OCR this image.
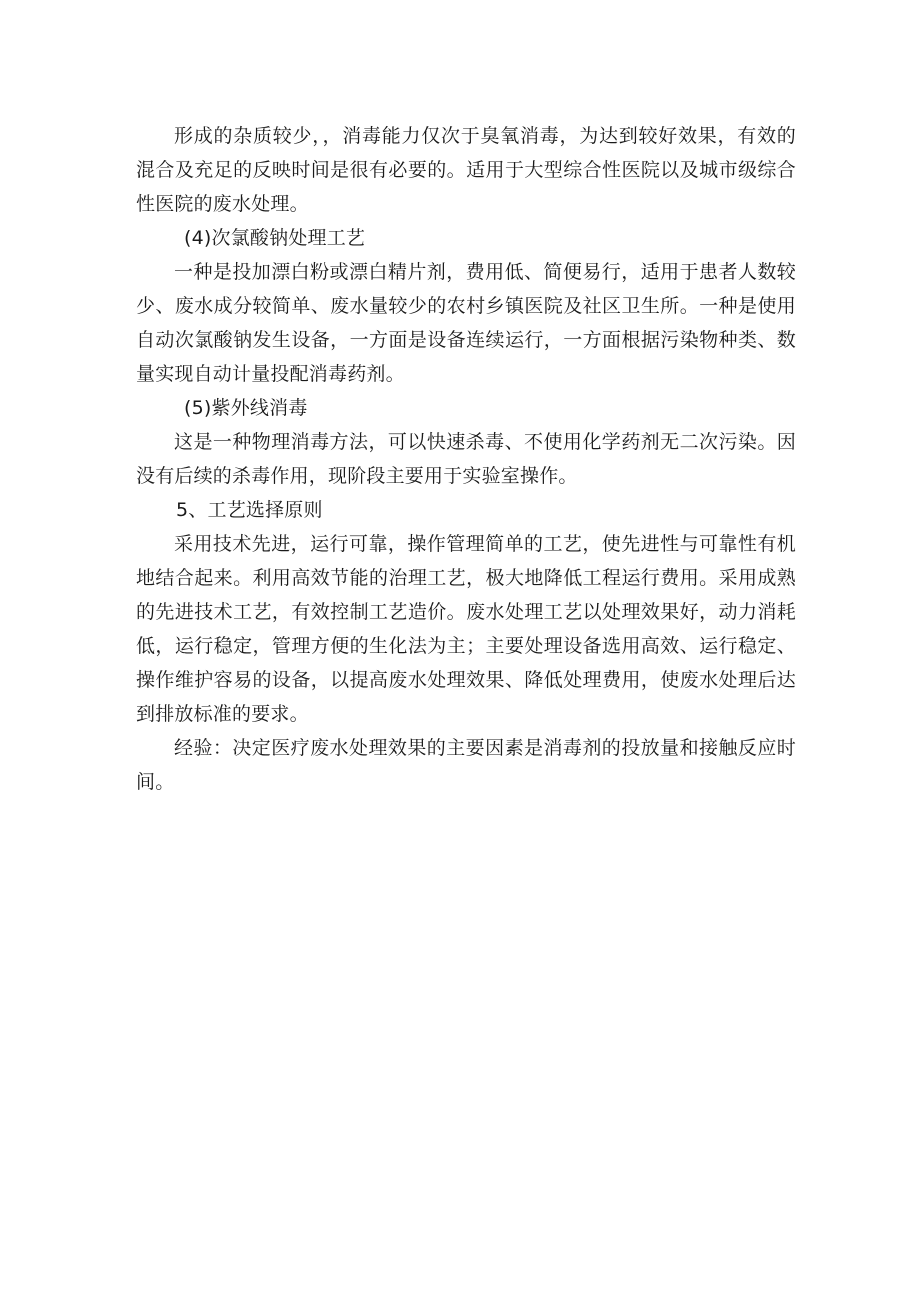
形成的杂质较少，，消毒能力仅次于臭氧消毒，为达到较好效果，有效的混合及充足的反映时间是很有必要的。适用于大型综合性医院以及城市级综合性医院的废水处理。

(4)次氯酸钠处理工艺

一种是投加漂白粉或漂白精片剂，费用低、简便易行，适用于患者人数较少、废水成分较简单、废水量较少的农村乡镇医院及社区卫生所。一种是使用自动次氯酸钠发生设备，一方面是设备连续运行，一方面根据污染物种类、数量实现自动计量投配消毒药剂。

(5)紫外线消毒

这是一种物理消毒方法，可以快速杀毒、不使用化学药剂无二次污染。因没有后续的杀毒作用，现阶段主要用于实验室操作。

5、工艺选择原则

采用技术先进，运行可靠，操作管理简单的工艺，使先进性与可靠性有机地结合起来。利用高效节能的治理工艺，极大地降低工程运行费用。采用成熟的先进技术工艺，有效控制工艺造价。废水处理工艺以处理效果好，动力消耗低，运行稳定，管理方便的生化法为主；主要处理设备选用高效、运行稳定、操作维护容易的设备，以提高废水处理效果、降低处理费用，使废水处理后达到排放标准的要求。

经验：决定医疗废水处理效果的主要因素是消毒剂的投放量和接触反应时间。
